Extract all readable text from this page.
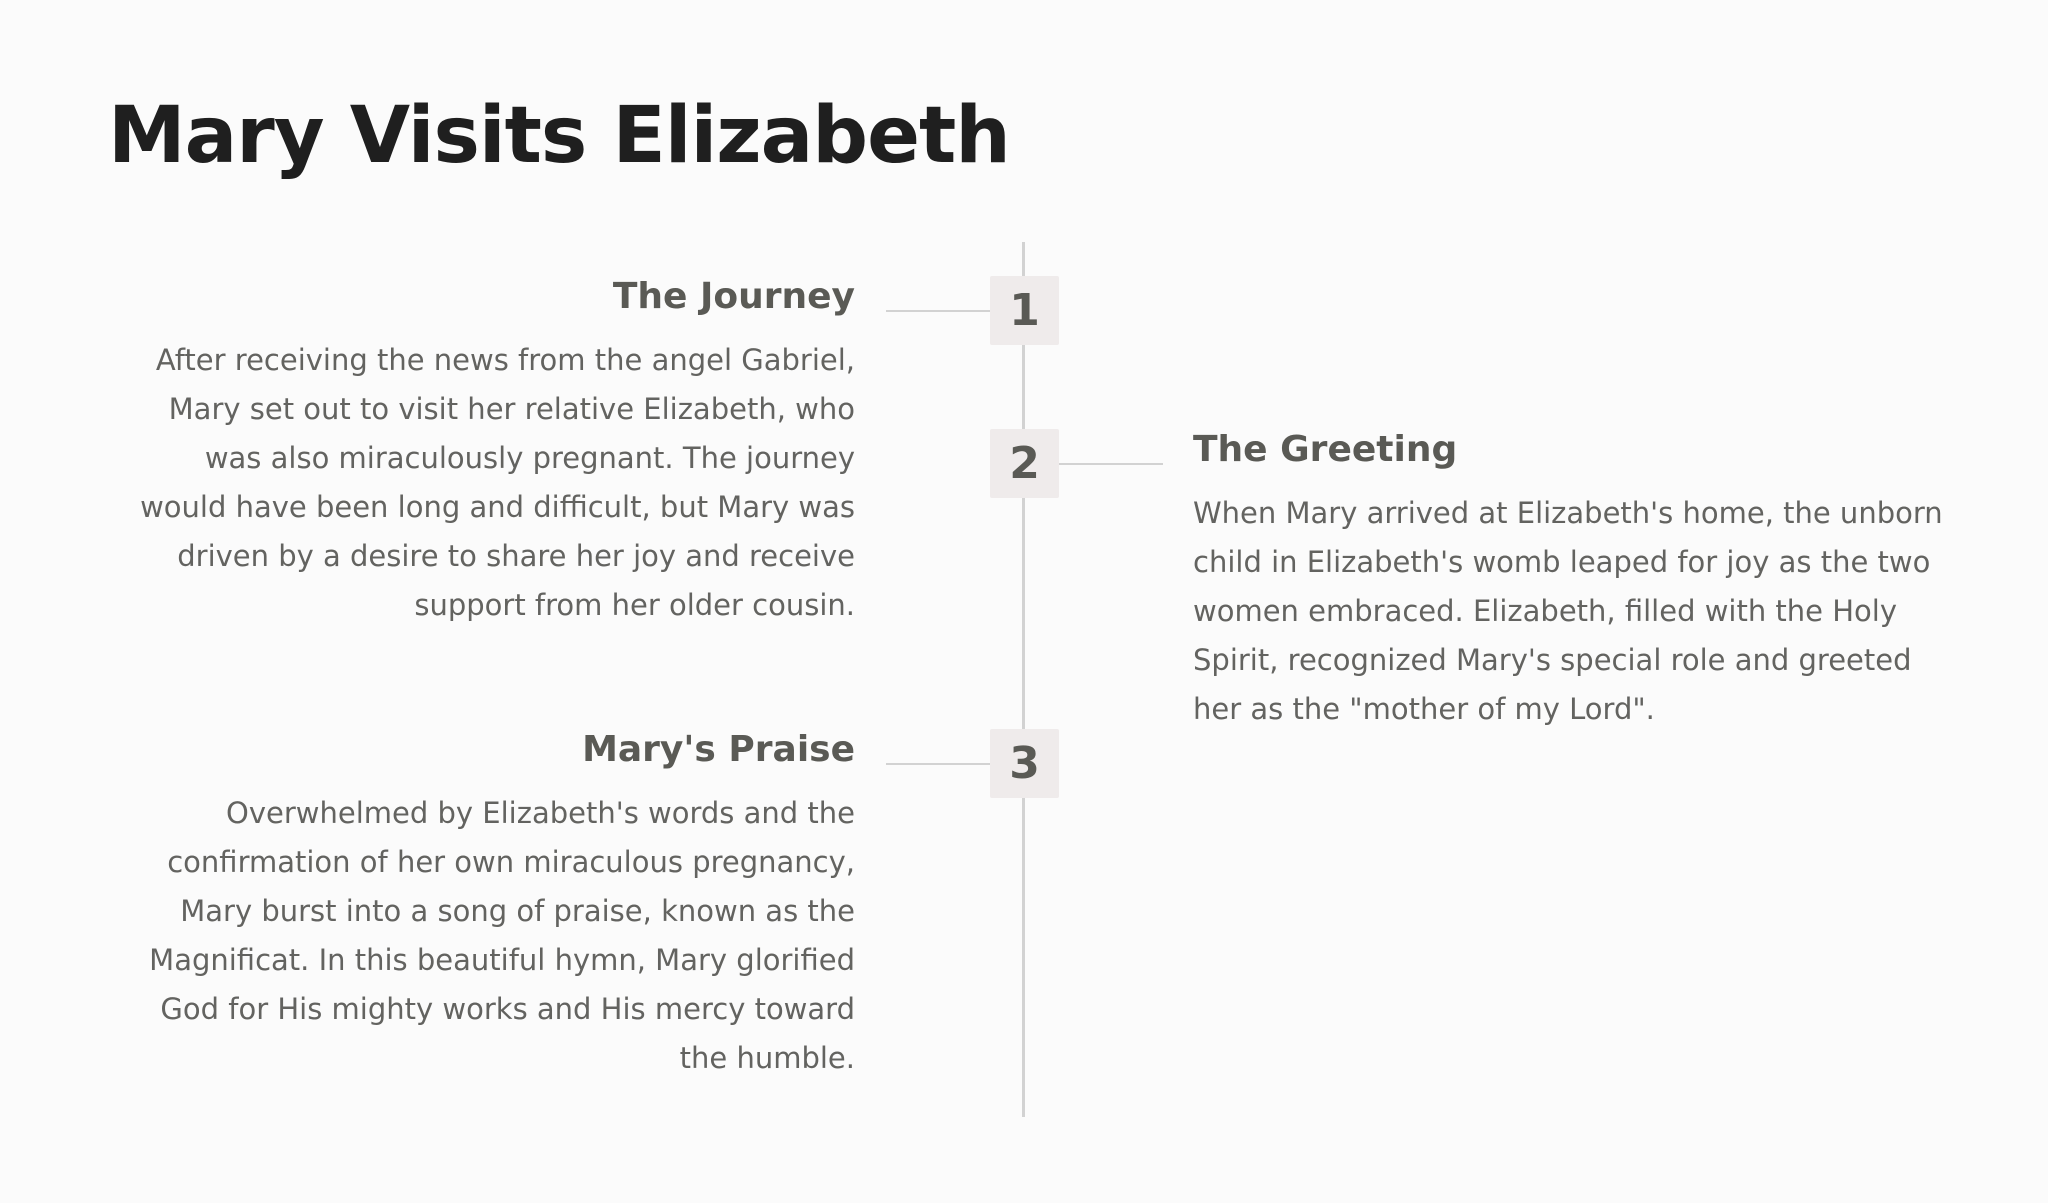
Mary Visits Elizabeth
1
The Journey

After receiving the news from the angel Gabriel, Mary set out to visit her relative Elizabeth, who was also miraculously pregnant. The journey would have been long and difficult, but Mary was driven by a desire to share her joy and receive support from her older cousin.

2	The Greeting

When Mary arrived at Elizabeth's home, the unborn child in Elizabeth's womb leaped for joy as the two women embraced. Elizabeth, filled with the Holy Spirit, recognized Mary's special role and greeted her as the "mother of my Lord".

3
Mary's Praise

Overwhelmed by Elizabeth's words and the confirmation of her own miraculous pregnancy, Mary burst into a song of praise, known as the Magnificat. In this beautiful hymn, Mary glorified God for His mighty works and His mercy toward the humble.
